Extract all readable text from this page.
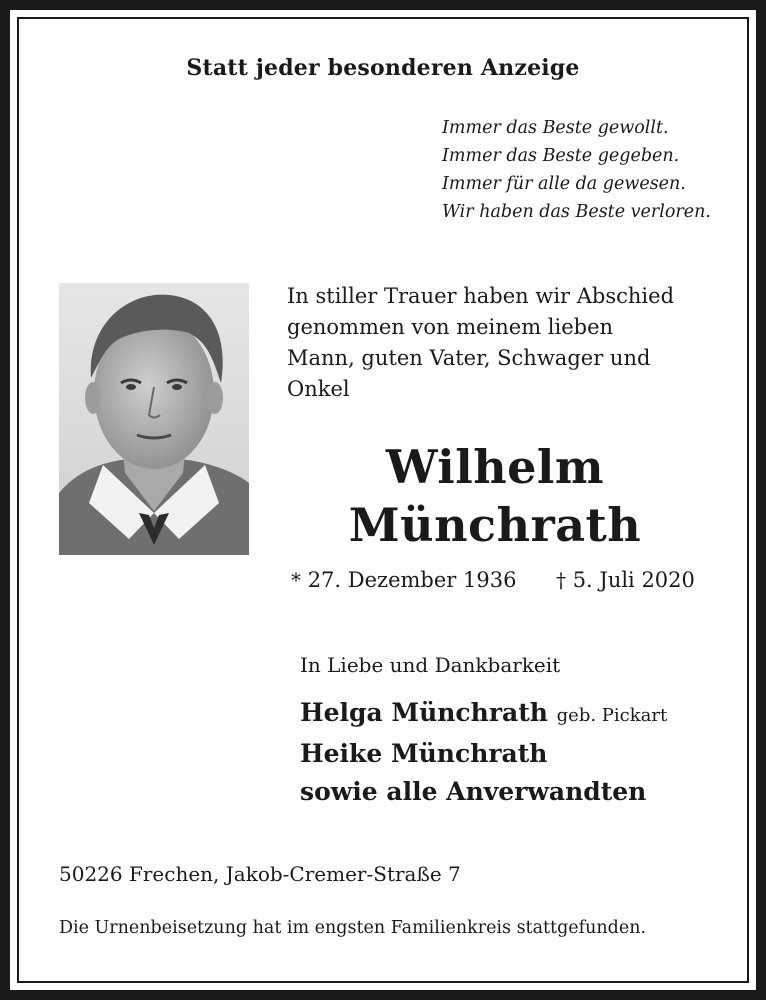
Statt jeder besonderen Anzeige
Immer das Beste gewollt.
Immer das Beste gegeben.
Immer für alle da gewesen.
Wir haben das Beste verloren.
In stiller Trauer haben wir Abschied
genommen von meinem lieben
Mann, guten Vater, Schwager und
Onkel
Wilhelm
Münchrath
* 27. Dezember 1936 † 5. Juli 2020
In Liebe und Dankbarkeit
Helga Münchrath geb. Pickart
Heike Münchrath
sowie alle Anverwandten
50226 Frechen, Jakob-Cremer-Straße 7
Die Urnenbeisetzung hat im engsten Familienkreis stattgefunden.
